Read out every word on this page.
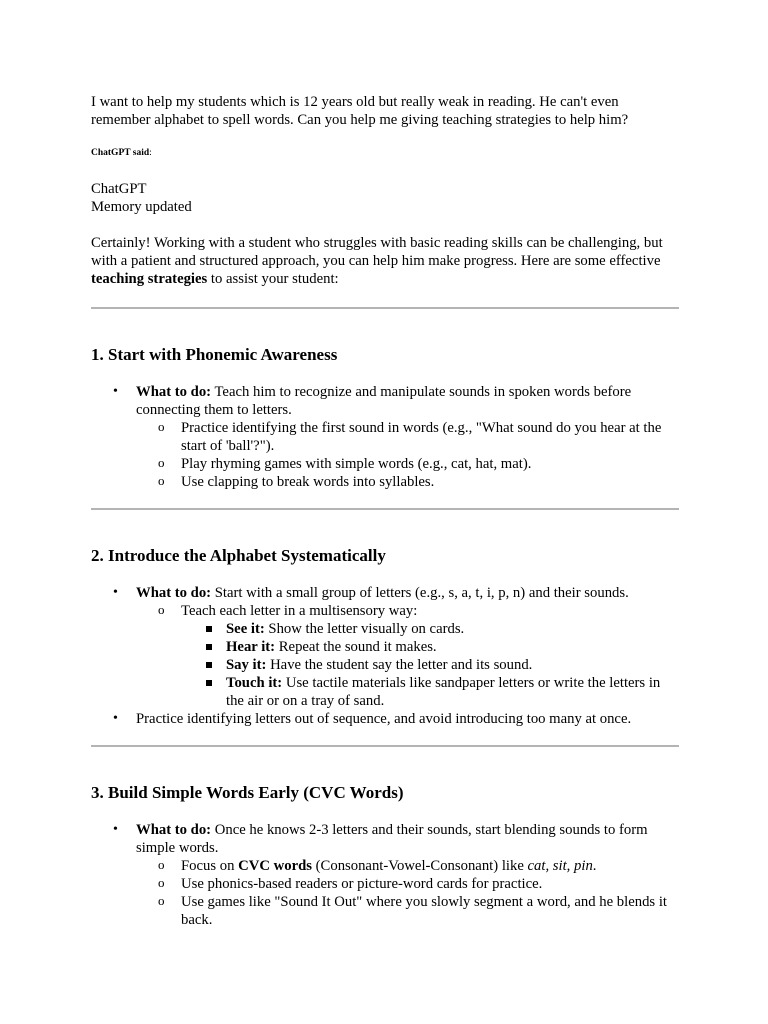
I want to help my students which is 12 years old but really weak in reading. He can't even remember alphabet to spell words. Can you help me giving teaching strategies to help him?

ChatGPT said:

ChatGPT

Memory updated

Certainly! Working with a student who struggles with basic reading skills can be challenging, but with a patient and structured approach, you can help him make progress. Here are some effective teaching strategies to assist your student:

1. Start with Phonemic Awareness
• What to do: Teach him to recognize and manipulate sounds in spoken words before connecting them to letters.
o Practice identifying the first sound in words (e.g., "What sound do you hear at the start of 'ball'?").
o Play rhyming games with simple words (e.g., cat, hat, mat).
o Use clapping to break words into syllables.
2. Introduce the Alphabet Systematically
• What to do: Start with a small group of letters (e.g., s, a, t, i, p, n) and their sounds.
o Teach each letter in a multisensory way:
See it: Show the letter visually on cards.
Hear it: Repeat the sound it makes.
Say it: Have the student say the letter and its sound.
Touch it: Use tactile materials like sandpaper letters or write the letters in the air or on a tray of sand.
• Practice identifying letters out of sequence, and avoid introducing too many at once.
3. Build Simple Words Early (CVC Words)
• What to do: Once he knows 2-3 letters and their sounds, start blending sounds to form simple words.
o Focus on CVC words (Consonant-Vowel-Consonant) like cat, sit, pin.
o Use phonics-based readers or picture-word cards for practice.
o Use games like "Sound It Out" where you slowly segment a word, and he blends it back.
